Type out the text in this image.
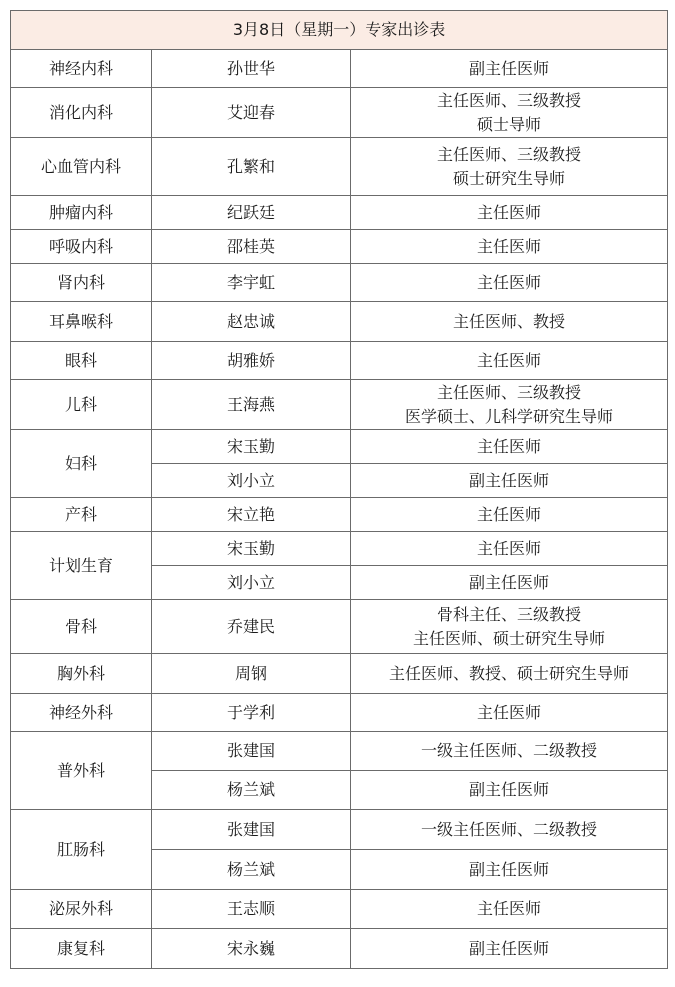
3月8日（星期一）专家出诊表		
神经内科	孙世华	副主任医师

消化内科	艾迎春	主任医师、三级教授
硕士导师

心血管内科	孔繁和	主任医师、三级教授
硕士研究生导师

肿瘤内科	纪跃廷	主任医师

呼吸内科	邵桂英	主任医师

肾内科	李宇虹	主任医师

耳鼻喉科	赵忠诚	主任医师、教授

眼科	胡雅娇	主任医师

儿科	王海燕	主任医师、三级教授
医学硕士、儿科学研究生导师

妇科	宋玉勤	主任医师

	刘小立	副主任医师

产科	宋立艳	主任医师

计划生育	宋玉勤	主任医师

	刘小立	副主任医师

骨科	乔建民	骨科主任、三级教授
主任医师、硕士研究生导师

胸外科	周钢	主任医师、教授、硕士研究生导师

神经外科	于学利	主任医师

普外科	张建国	一级主任医师、二级教授

	杨兰斌	副主任医师

肛肠科	张建国	一级主任医师、二级教授

	杨兰斌	副主任医师

泌尿外科	王志顺	主任医师

康复科	宋永巍	副主任医师
